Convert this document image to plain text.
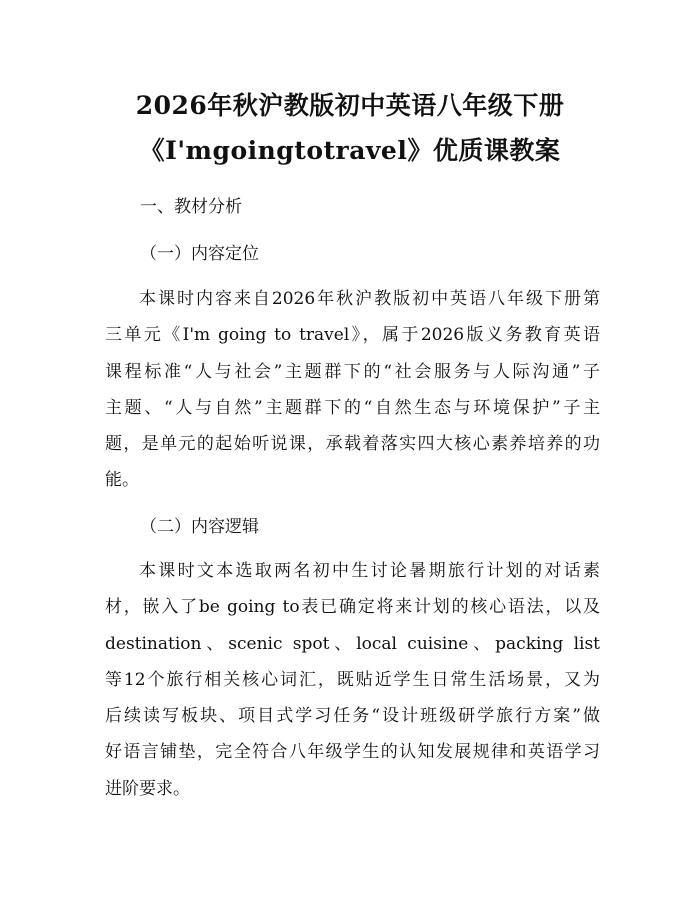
2026年秋沪教版初中英语八年级下册
《I'mgoingtotravel》优质课教案
一、教材分析
（一）内容定位
本课时内容来自2026年秋沪教版初中英语八年级下册第
三单元《I'm going to travel》，属于2026版义务教育英语
课程标准“人与社会”主题群下的“社会服务与人际沟通”子
主题、“人与自然”主题群下的“自然生态与环境保护”子主
题，是单元的起始听说课，承载着落实四大核心素养培养的功
能。
（二）内容逻辑
本课时文本选取两名初中生讨论暑期旅行计划的对话素
材，嵌入了be going to表已确定将来计划的核心语法，以及
destination、scenic spot、local cuisine、packing list
等12个旅行相关核心词汇，既贴近学生日常生活场景，又为
后续读写板块、项目式学习任务“设计班级研学旅行方案”做
好语言铺垫，完全符合八年级学生的认知发展规律和英语学习
进阶要求。
